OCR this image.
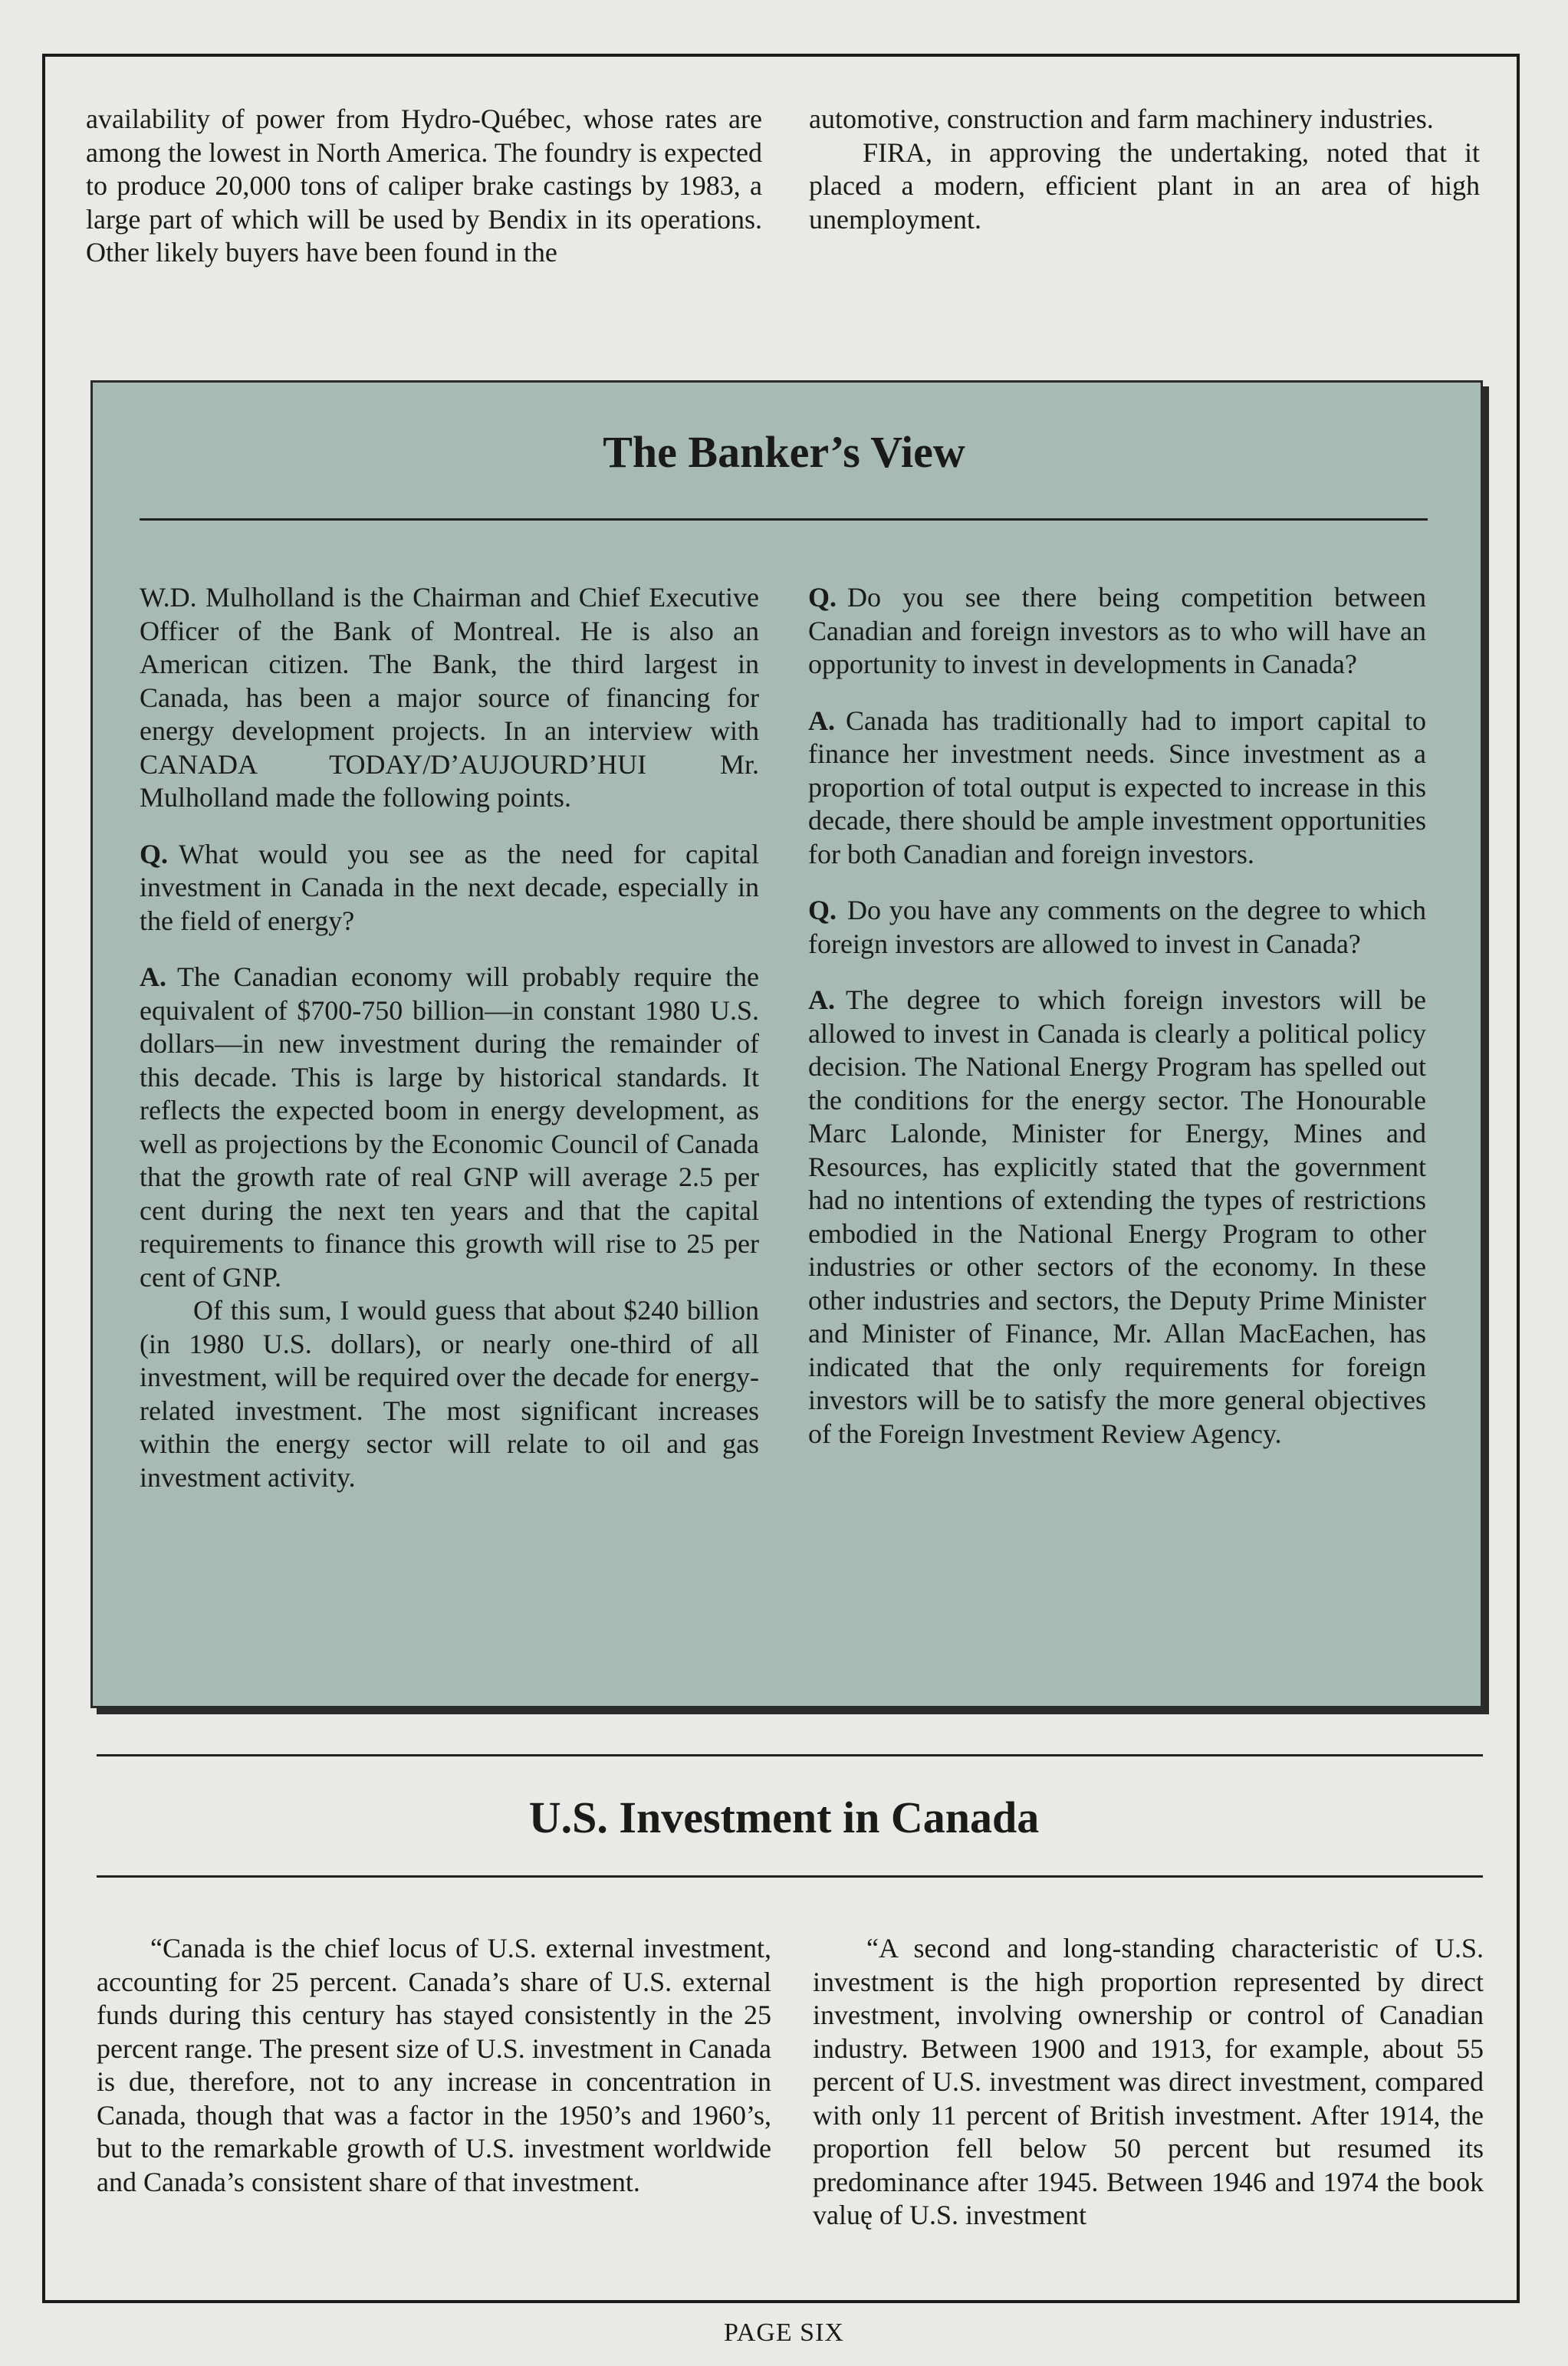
availability of power from Hydro-Québec, whose rates are among the lowest in North America. The foundry is expected to produce 20,000 tons of caliper brake castings by 1983, a large part of which will be used by Bendix in its operations. Other likely buyers have been found in the

automotive, construction and farm machinery industries.

FIRA, in approving the undertaking, noted that it placed a modern, efficient plant in an area of high unemployment.

The Banker’s View

W.D. Mulholland is the Chairman and Chief Executive Officer of the Bank of Montreal. He is also an American citizen. The Bank, the third largest in Canada, has been a major source of financing for energy development projects. In an interview with CANADA TODAY/D’AUJOURD’HUI Mr. Mulholland made the following points.

Q. What would you see as the need for capital investment in Canada in the next decade, especially in the field of energy?

A. The Canadian economy will probably require the equivalent of $700-750 billion—in constant 1980 U.S. dollars—in new investment during the remainder of this decade. This is large by historical standards. It reflects the expected boom in energy development, as well as projections by the Economic Council of Canada that the growth rate of real GNP will average 2.5 per cent during the next ten years and that the capital requirements to finance this growth will rise to 25 per cent of GNP.

Of this sum, I would guess that about $240 billion (in 1980 U.S. dollars), or nearly one-third of all investment, will be required over the decade for energy-related investment. The most significant increases within the energy sector will relate to oil and gas investment activity.

Q. Do you see there being competition between Canadian and foreign investors as to who will have an opportunity to invest in developments in Canada?

A. Canada has traditionally had to import capital to finance her investment needs. Since investment as a proportion of total output is expected to increase in this decade, there should be ample investment opportunities for both Canadian and foreign investors.

Q. Do you have any comments on the degree to which foreign investors are allowed to invest in Canada?

A. The degree to which foreign investors will be allowed to invest in Canada is clearly a political policy decision. The National Energy Program has spelled out the conditions for the energy sector. The Honourable Marc Lalonde, Minister for Energy, Mines and Resources, has explicitly stated that the government had no intentions of extending the types of restrictions embodied in the National Energy Program to other industries or other sectors of the economy. In these other industries and sectors, the Deputy Prime Minister and Minister of Finance, Mr. Allan MacEachen, has indicated that the only requirements for foreign investors will be to satisfy the more general objectives of the Foreign Investment Review Agency.

U.S. Investment in Canada

“Canada is the chief locus of U.S. external investment, accounting for 25 percent. Canada’s share of U.S. external funds during this century has stayed consistently in the 25 percent range. The present size of U.S. investment in Canada is due, therefore, not to any increase in concentration in Canada, though that was a factor in the 1950’s and 1960’s, but to the remarkable growth of U.S. investment worldwide and Canada’s consistent share of that investment.

“A second and long-standing characteristic of U.S. investment is the high proportion represented by direct investment, involving ownership or control of Canadian industry. Between 1900 and 1913, for example, about 55 percent of U.S. investment was direct investment, compared with only 11 percent of British investment. After 1914, the proportion fell below 50 percent but resumed its predominance after 1945. Between 1946 and 1974 the book valuę of U.S. investment

PAGE SIX
